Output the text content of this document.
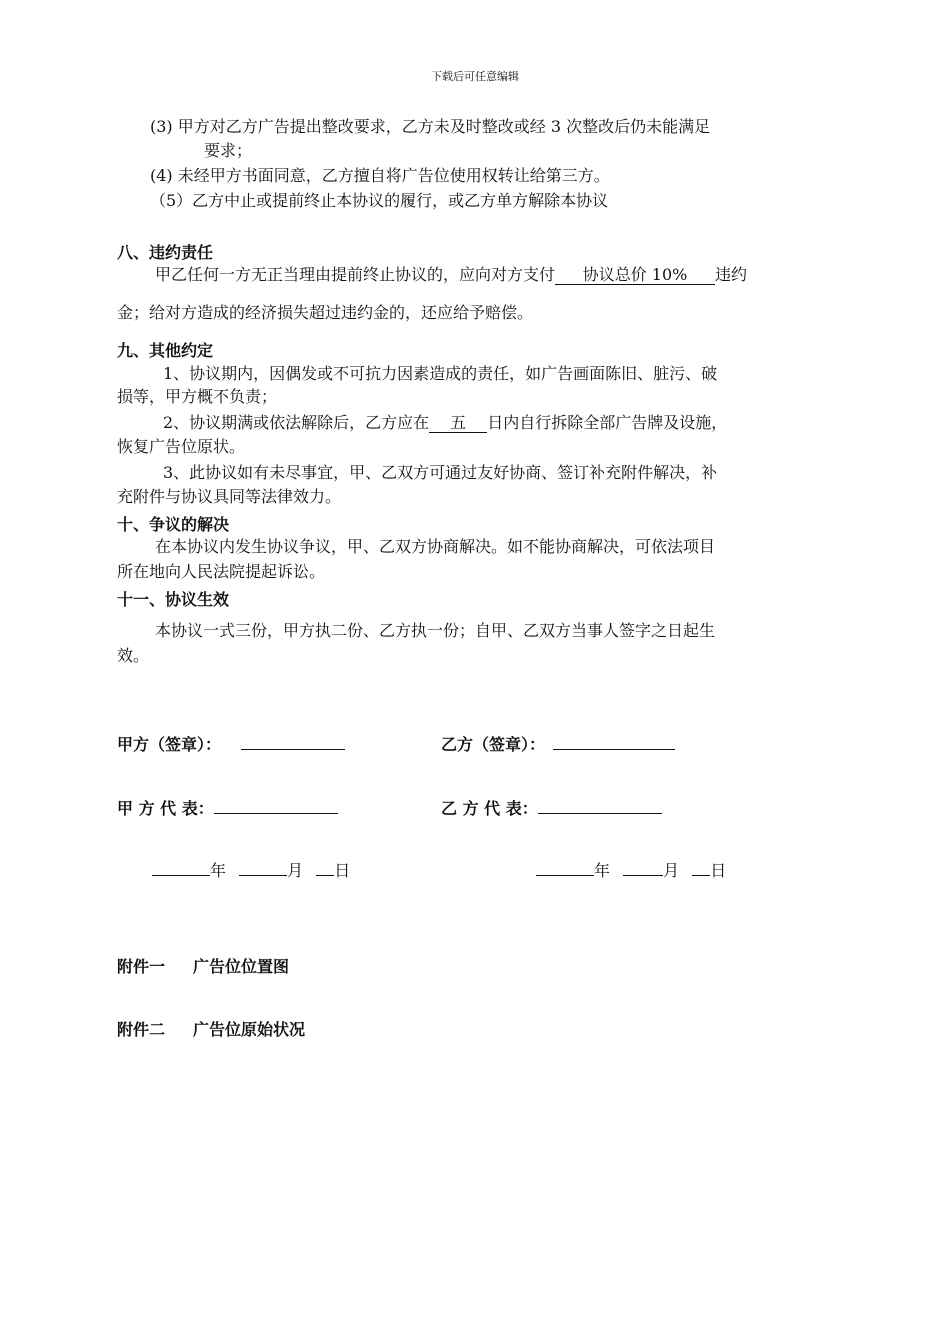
下载后可任意编辑
(3) 甲方对乙方广告提出整改要求，乙方未及时整改或经 3 次整改后仍未能满足
要求；
(4) 未经甲方书面同意，乙方擅自将广告位使用权转让给第三方。
（5）乙方中止或提前终止本协议的履行，或乙方单方解除本协议
八、违约责任
甲乙任何一方无正当理由提前终止协议的，应向对方支付 协议总价 10% 违约
金；给对方造成的经济损失超过违约金的，还应给予赔偿。
九、其他约定
1、协议期内，因偶发或不可抗力因素造成的责任，如广告画面陈旧、脏污、破
损等，甲方概不负责；
2、协议期满或依法解除后，乙方应在 五 日内自行拆除全部广告牌及设施，
恢复广告位原状。
3、此协议如有未尽事宜，甲、乙双方可通过友好协商、签订补充附件解决，补
充附件与协议具同等法律效力。
十、争议的解决
在本协议内发生协议争议，甲、乙双方协商解决。如不能协商解决，可依法项目
所在地向人民法院提起诉讼。
十一、协议生效
本协议一式三份，甲方执二份、乙方执一份；自甲、乙双方当事人签字之日起生
效。
甲方（签章）：	乙方（签章）：
甲 方 代 表：	乙 方 代 表：
年	月 日	年	月 日
附件一 广告位位置图
附件二 广告位原始状况
